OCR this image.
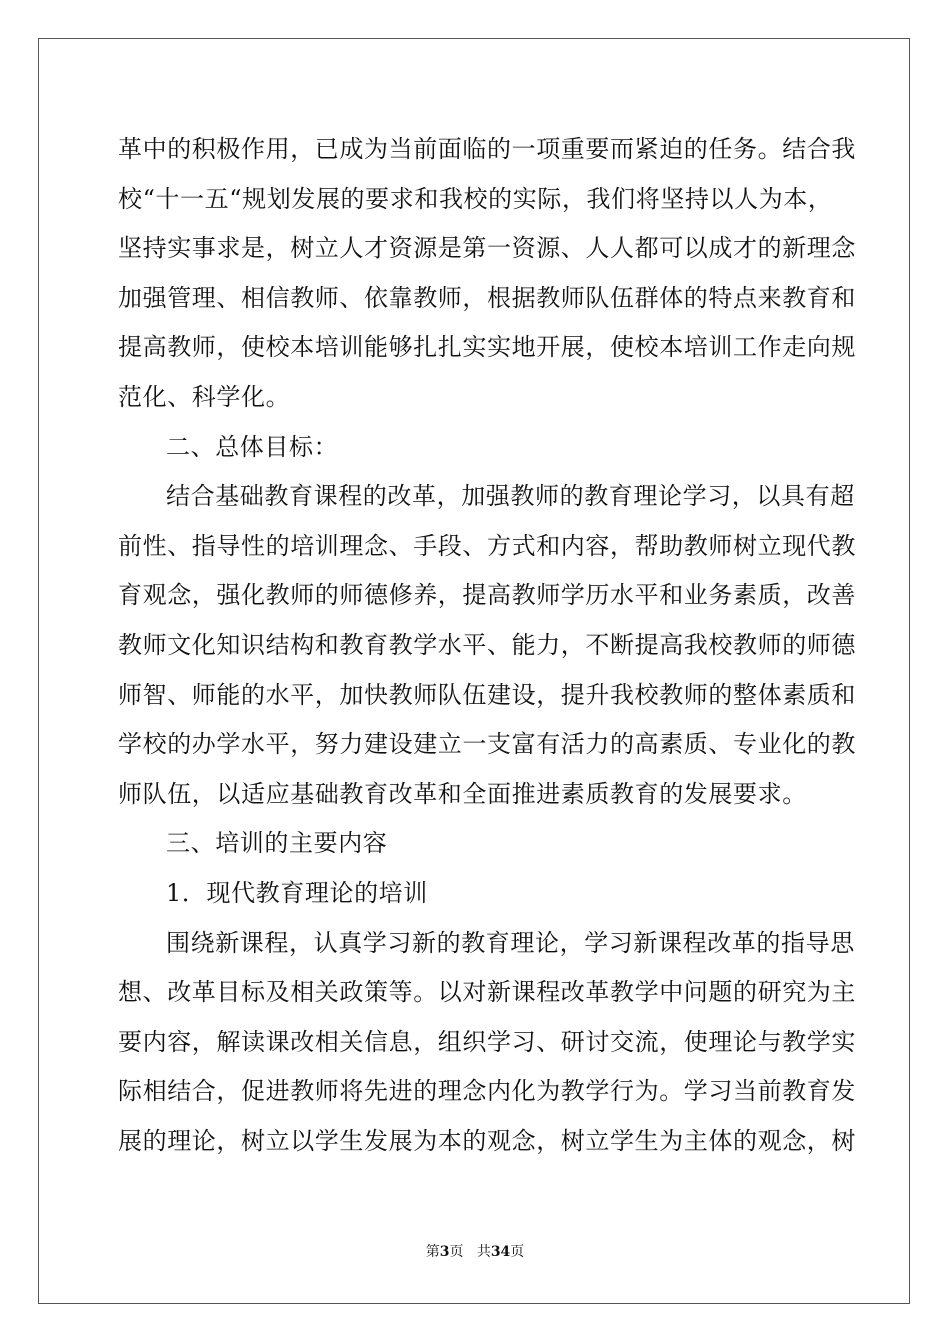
革中的积极作用，已成为当前面临的一项重要而紧迫的任务。结合我
校“十一五“规划发展的要求和我校的实际，我们将坚持以人为本，
坚持实事求是，树立人才资源是第一资源、人人都可以成才的新理念
加强管理、相信教师、依靠教师，根据教师队伍群体的特点来教育和
提高教师，使校本培训能够扎扎实实地开展，使校本培训工作走向规
范化、科学化。
二、总体目标：
结合基础教育课程的改革，加强教师的教育理论学习，以具有超
前性、指导性的培训理念、手段、方式和内容，帮助教师树立现代教
育观念，强化教师的师德修养，提高教师学历水平和业务素质，改善
教师文化知识结构和教育教学水平、能力，不断提高我校教师的师德
师智、师能的水平，加快教师队伍建设，提升我校教师的整体素质和
学校的办学水平，努力建设建立一支富有活力的高素质、专业化的教
师队伍，以适应基础教育改革和全面推进素质教育的发展要求。
三、培训的主要内容
1．现代教育理论的培训
围绕新课程，认真学习新的教育理论，学习新课程改革的指导思
想、改革目标及相关政策等。以对新课程改革教学中问题的研究为主
要内容，解读课改相关信息，组织学习、研讨交流，使理论与教学实
际相结合，促进教师将先进的理念内化为教学行为。学习当前教育发
展的理论，树立以学生发展为本的观念，树立学生为主体的观念，树
第3页 共34页
